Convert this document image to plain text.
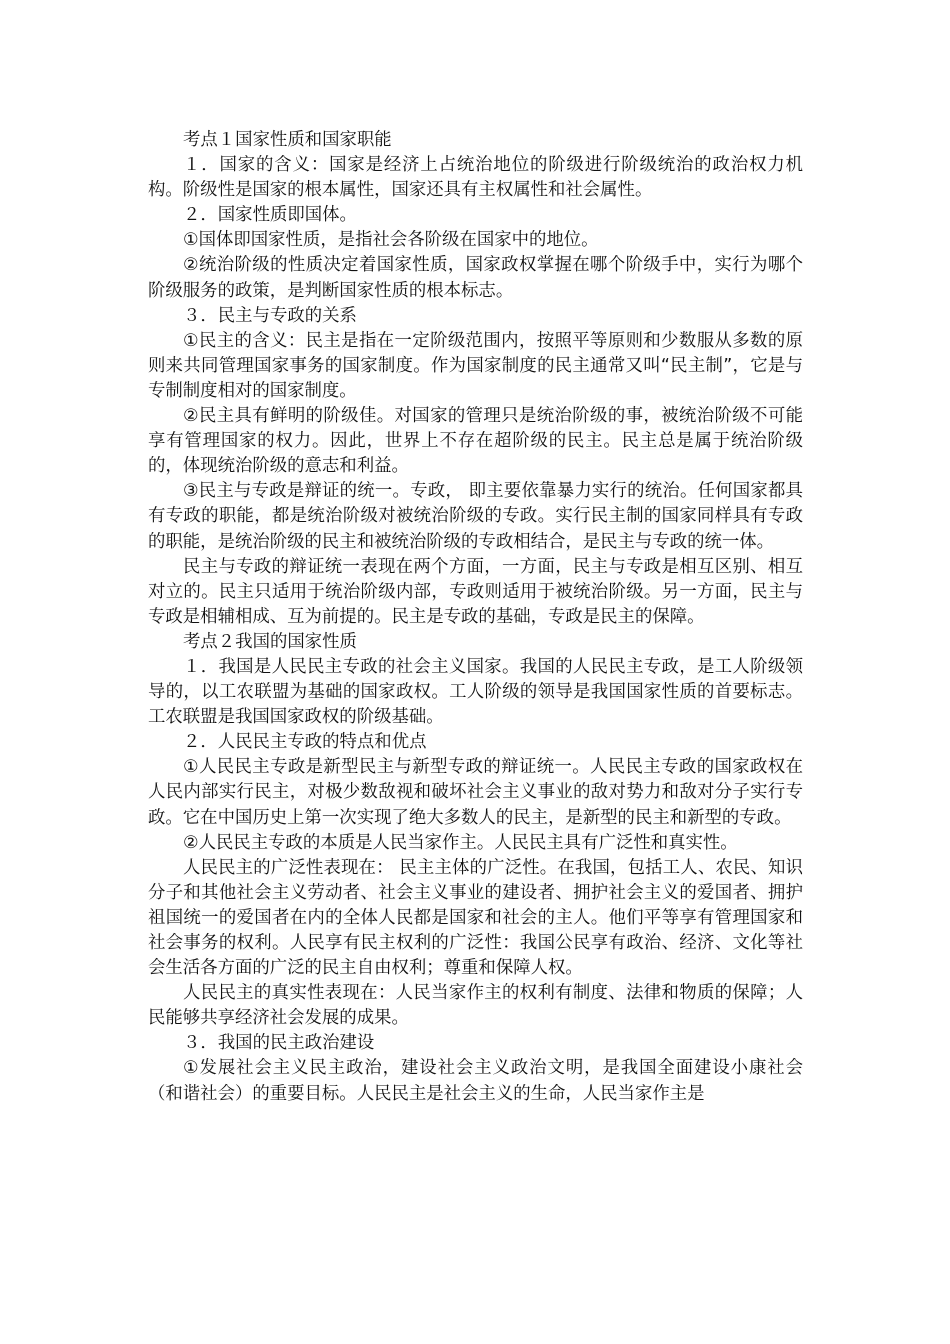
考点１国家性质和国家职能

１．国家的含义：国家是经济上占统治地位的阶级进行阶级统治的政治权力机构。阶级性是国家的根本属性，国家还具有主权属性和社会属性。

２．国家性质即国体。

①国体即国家性质，是指社会各阶级在国家中的地位。

②统治阶级的性质决定着国家性质，国家政权掌握在哪个阶级手中，实行为哪个阶级服务的政策，是判断国家性质的根本标志。

３．民主与专政的关系

①民主的含义：民主是指在一定阶级范围内，按照平等原则和少数服从多数的原则来共同管理国家事务的国家制度。作为国家制度的民主通常又叫“民主制”，它是与专制制度相对的国家制度。

②民主具有鲜明的阶级佳。对国家的管理只是统治阶级的事，被统治阶级不可能享有管理国家的权力。因此，世界上不存在超阶级的民主。民主总是属于统治阶级的，体现统治阶级的意志和利益。

③民主与专政是辩证的统一。专政， 即主要依靠暴力实行的统治。任何国家都具有专政的职能，都是统治阶级对被统治阶级的专政。实行民主制的国家同样具有专政的职能，是统治阶级的民主和被统治阶级的专政相结合，是民主与专政的统一体。

民主与专政的辩证统一表现在两个方面，一方面，民主与专政是相互区别、相互对立的。民主只适用于统治阶级内部，专政则适用于被统治阶级。另一方面，民主与专政是相辅相成、互为前提的。民主是专政的基础，专政是民主的保障。

考点２我国的国家性质

１．我国是人民民主专政的社会主义国家。我国的人民民主专政，是工人阶级领导的，以工农联盟为基础的国家政权。工人阶级的领导是我国国家性质的首要标志。工农联盟是我国国家政权的阶级基础。

２．人民民主专政的特点和优点

①人民民主专政是新型民主与新型专政的辩证统一。人民民主专政的国家政权在人民内部实行民主，对极少数敌视和破坏社会主义事业的敌对势力和敌对分子实行专政。它在中国历史上第一次实现了绝大多数人的民主，是新型的民主和新型的专政。

②人民民主专政的本质是人民当家作主。人民民主具有广泛性和真实性。

人民民主的广泛性表现在： 民主主体的广泛性。在我国，包括工人、农民、知识分子和其他社会主义劳动者、社会主义事业的建设者、拥护社会主义的爱国者、拥护祖国统一的爱国者在内的全体人民都是国家和社会的主人。他们平等享有管理国家和社会事务的权利。人民享有民主权利的广泛性：我国公民享有政治、经济、文化等社会生活各方面的广泛的民主自由权利；尊重和保障人权。

人民民主的真实性表现在：人民当家作主的权利有制度、法律和物质的保障；人民能够共享经济社会发展的成果。

３．我国的民主政治建设

①发展社会主义民主政治，建设社会主义政治文明，是我国全面建设小康社会（和谐社会）的重要目标。人民民主是社会主义的生命，人民当家作主是
